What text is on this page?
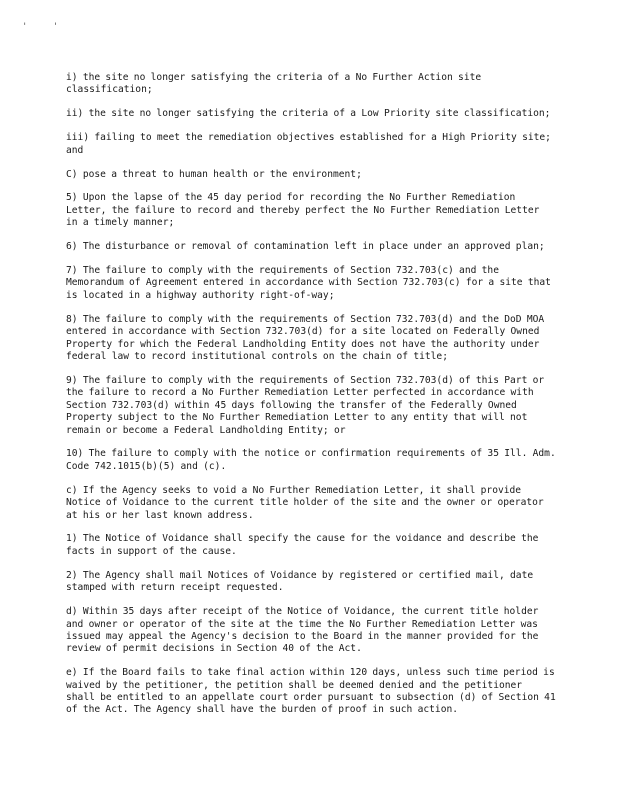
' '

i) the site no longer satisfying the criteria of a No Further Action site classification;

ii) the site no longer satisfying the criteria of a Low Priority site classification;

iii) failing to meet the remediation objectives established for a High Priority site; and

C) pose a threat to human health or the environment;

5) Upon the lapse of the 45 day period for recording the No Further Remediation Letter, the failure to record and thereby perfect the No Further Remediation Letter in a timely manner;

6) The disturbance or removal of contamination left in place under an approved plan;

7) The failure to comply with the requirements of Section 732.703(c) and the Memorandum of Agreement entered in accordance with Section 732.703(c) for a site that is located in a highway authority right-of-way;

8) The failure to comply with the requirements of Section 732.703(d) and the DoD MOA entered in accordance with Section 732.703(d) for a site located on Federally Owned Property for which the Federal Landholding Entity does not have the authority under federal law to record institutional controls on the chain of title;

9) The failure to comply with the requirements of Section 732.703(d) of this Part or the failure to record a No Further Remediation Letter perfected in accordance with Section 732.703(d) within 45 days following the transfer of the Federally Owned Property subject to the No Further Remediation Letter to any entity that will not remain or become a Federal Landholding Entity; or

10) The failure to comply with the notice or confirmation requirements of 35 Ill. Adm. Code 742.1015(b)(5) and (c).

c) If the Agency seeks to void a No Further Remediation Letter, it shall provide Notice of Voidance to the current title holder of the site and the owner or operator at his or her last known address.

1) The Notice of Voidance shall specify the cause for the voidance and describe the facts in support of the cause.

2) The Agency shall mail Notices of Voidance by registered or certified mail, date stamped with return receipt requested.

d) Within 35 days after receipt of the Notice of Voidance, the current title holder and owner or operator of the site at the time the No Further Remediation Letter was issued may appeal the Agency's decision to the Board in the manner provided for the review of permit decisions in Section 40 of the Act.

e) If the Board fails to take final action within 120 days, unless such time period is waived by the petitioner, the petition shall be deemed denied and the petitioner shall be entitled to an appellate court order pursuant to subsection (d) of Section 41 of the Act. The Agency shall have the burden of proof in such action.
